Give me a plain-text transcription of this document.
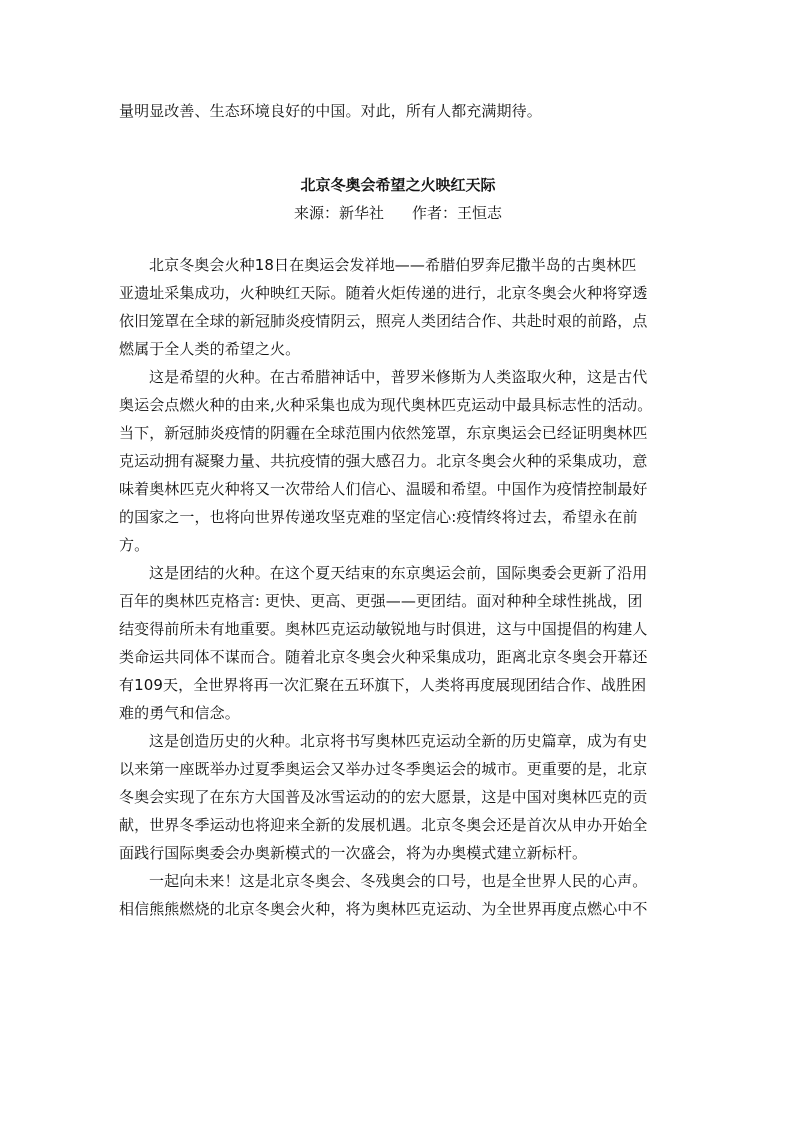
量明显改善、生态环境良好的中国。对此，所有人都充满期待。
北京冬奥会希望之火映红天际
来源：新华社 作者：王恒志
北京冬奥会火种18日在奥运会发祥地——希腊伯罗奔尼撒半岛的古奥林匹
亚遗址采集成功，火种映红天际。随着火炬传递的进行，北京冬奥会火种将穿透
依旧笼罩在全球的新冠肺炎疫情阴云，照亮人类团结合作、共赴时艰的前路，点
燃属于全人类的希望之火。
这是希望的火种。在古希腊神话中，普罗米修斯为人类盗取火种，这是古代
奥运会点燃火种的由来,火种采集也成为现代奥林匹克运动中最具标志性的活动。
当下，新冠肺炎疫情的阴霾在全球范围内依然笼罩，东京奥运会已经证明奥林匹
克运动拥有凝聚力量、共抗疫情的强大感召力。北京冬奥会火种的采集成功，意
味着奥林匹克火种将又一次带给人们信心、温暖和希望。中国作为疫情控制最好
的国家之一，也将向世界传递攻坚克难的坚定信心:疫情终将过去，希望永在前
方。
这是团结的火种。在这个夏天结束的东京奥运会前，国际奥委会更新了沿用
百年的奥林匹克格言: 更快、更高、更强——更团结。面对种种全球性挑战，团
结变得前所未有地重要。奥林匹克运动敏锐地与时俱进，这与中国提倡的构建人
类命运共同体不谋而合。随着北京冬奥会火种采集成功，距离北京冬奥会开幕还
有109天，全世界将再一次汇聚在五环旗下，人类将再度展现团结合作、战胜困
难的勇气和信念。
这是创造历史的火种。北京将书写奥林匹克运动全新的历史篇章，成为有史
以来第一座既举办过夏季奥运会又举办过冬季奥运会的城市。更重要的是，北京
冬奥会实现了在东方大国普及冰雪运动的的宏大愿景，这是中国对奥林匹克的贡
献，世界冬季运动也将迎来全新的发展机遇。北京冬奥会还是首次从申办开始全
面践行国际奥委会办奥新模式的一次盛会，将为办奥模式建立新标杆。
一起向未来！这是北京冬奥会、冬残奥会的口号，也是全世界人民的心声。
相信熊熊燃烧的北京冬奥会火种，将为奥林匹克运动、为全世界再度点燃心中不
